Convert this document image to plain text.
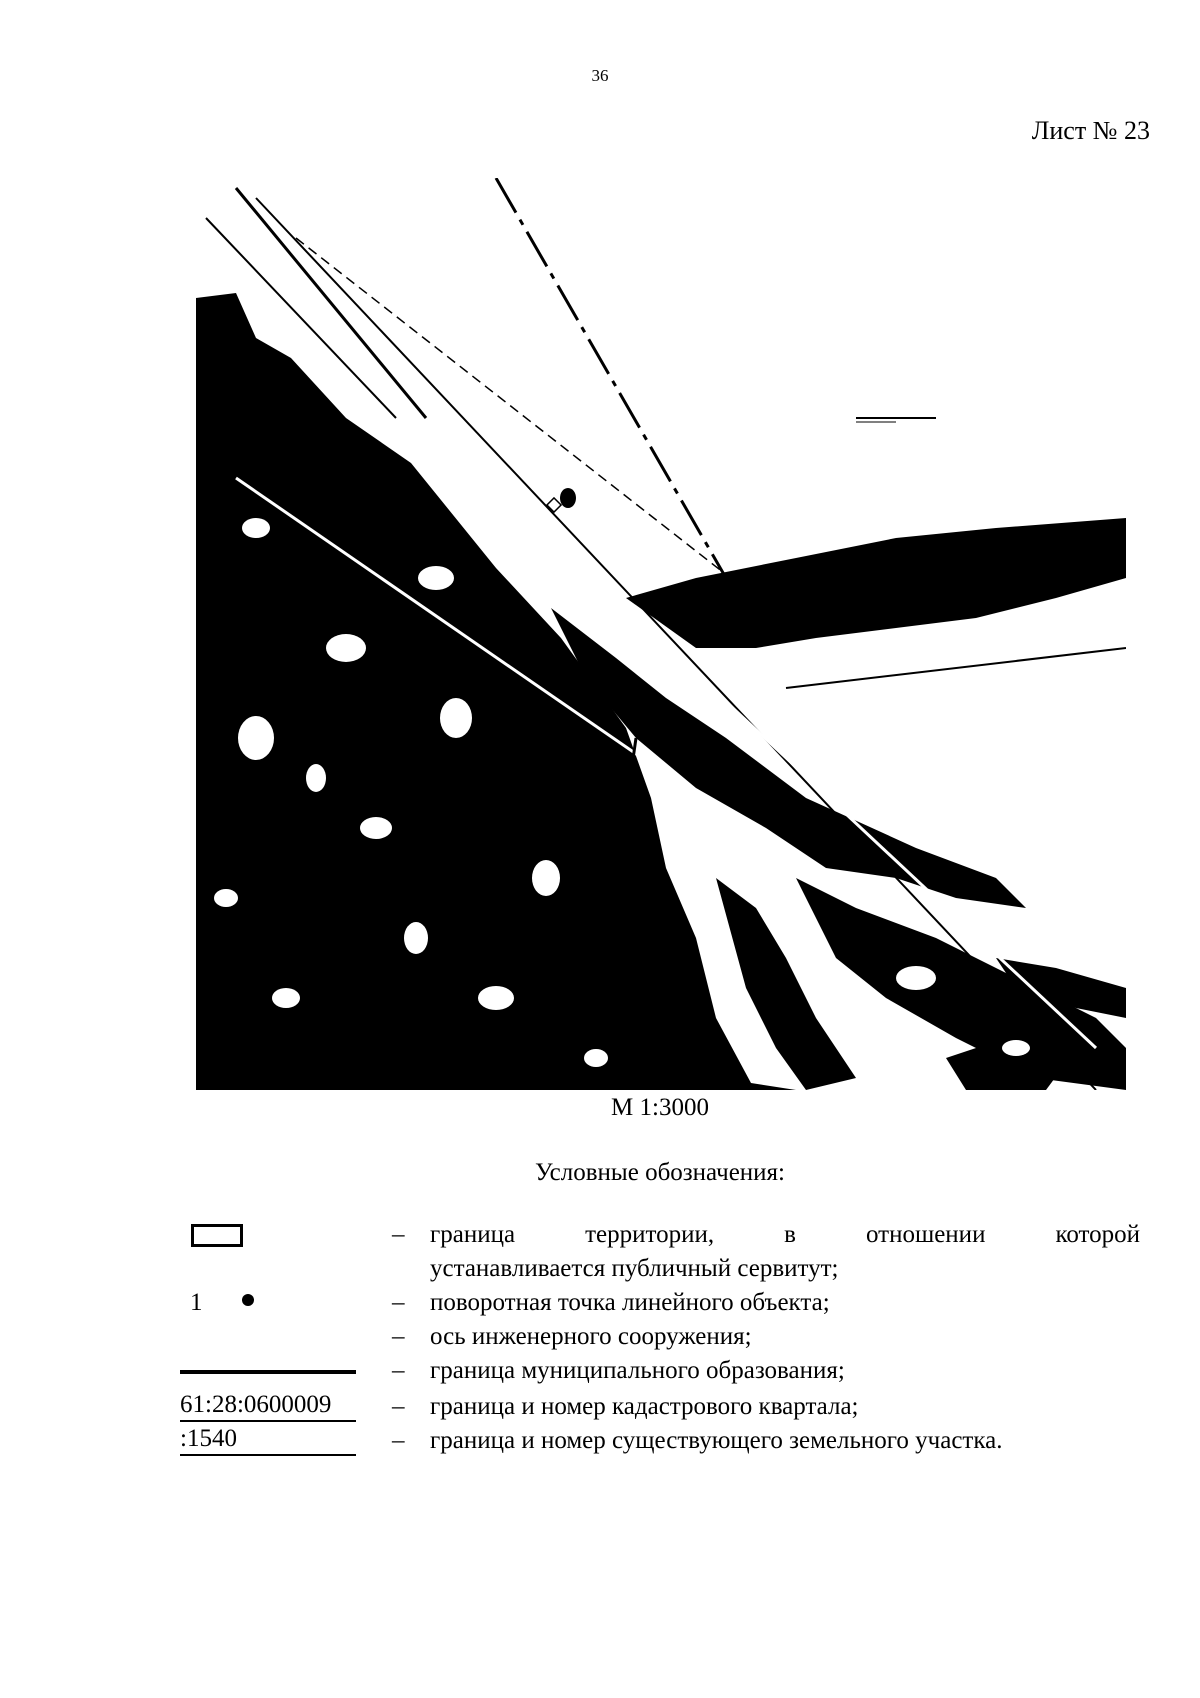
36
Лист № 23
М 1:3000
Условные обозначения:
– граница территории, в отношении которой
устанавливается публичный сервитут;
1	– поворотная точка линейного объекта;
– ось инженерного сооружения;
– граница муниципального образования;
61:28:0600009	– граница и номер кадастрового квартала;
:1540	– граница и номер существующего земельного участка.
